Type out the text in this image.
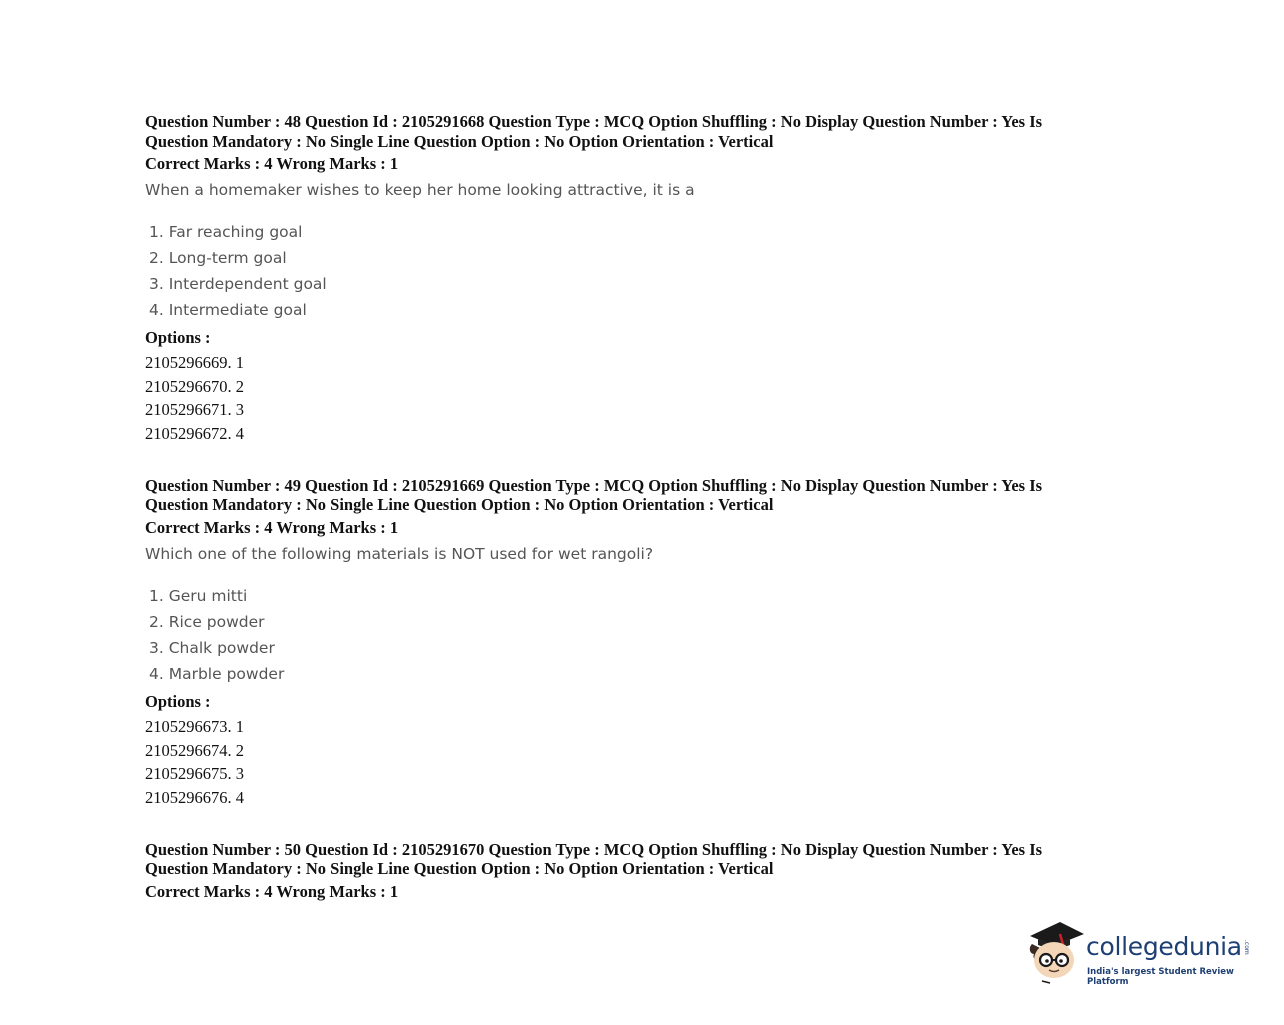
Question Number : 48 Question Id : 2105291668 Question Type : MCQ Option Shuffling : No Display Question Number : Yes Is
Question Mandatory : No Single Line Question Option : No Option Orientation : Vertical

Correct Marks : 4 Wrong Marks : 1

When a homemaker wishes to keep her home looking attractive, it is a

1. Far reaching goal
2. Long-term goal
3. Interdependent goal
4. Intermediate goal

Options :

2105296669. 1
2105296670. 2
2105296671. 3
2105296672. 4

Question Number : 49 Question Id : 2105291669 Question Type : MCQ Option Shuffling : No Display Question Number : Yes Is
Question Mandatory : No Single Line Question Option : No Option Orientation : Vertical

Correct Marks : 4 Wrong Marks : 1

Which one of the following materials is NOT used for wet rangoli?

1. Geru mitti
2. Rice powder
3. Chalk powder
4. Marble powder

Options :

2105296673. 1
2105296674. 2
2105296675. 3
2105296676. 4

Question Number : 50 Question Id : 2105291670 Question Type : MCQ Option Shuffling : No Display Question Number : Yes Is
Question Mandatory : No Single Line Question Option : No Option Orientation : Vertical

Correct Marks : 4 Wrong Marks : 1

collegedunia .com
India's largest Student Review Platform
